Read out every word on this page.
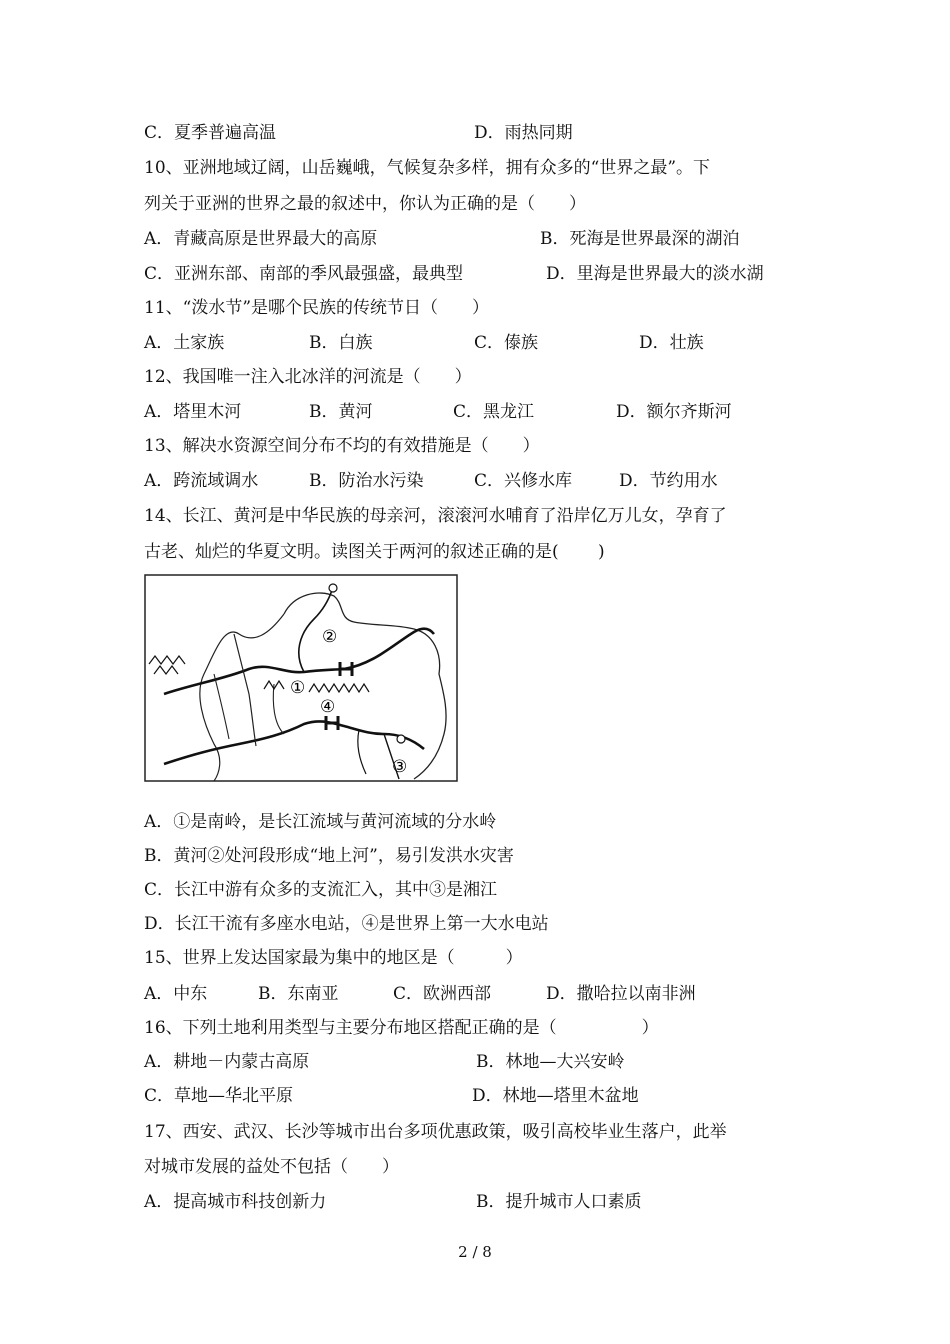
C．夏季普遍高温	D．雨热同期
10、亚洲地域辽阔，山岳巍峨，气候复杂多样，拥有众多的“世界之最”。下
列关于亚洲的世界之最的叙述中，你认为正确的是（　　）
A．青藏高原是世界最大的高原	B．死海是世界最深的湖泊
C．亚洲东部、南部的季风最强盛，最典型	D．里海是世界最大的淡水湖
11、“泼水节”是哪个民族的传统节日（　　）
A．土家族	B．白族	C．傣族	D．壮族
12、我国唯一注入北冰洋的河流是（　　）
A．塔里木河	B．黄河	C．黑龙江	D．额尔齐斯河
13、解决水资源空间分布不均的有效措施是（　　）
A．跨流域调水	B．防治水污染	C．兴修水库	D．节约用水
14、长江、黄河是中华民族的母亲河，滚滚河水哺育了沿岸亿万儿女，孕育了
古老、灿烂的华夏文明。读图关于两河的叙述正确的是(　　 )
②
①
④
③
A．①是南岭，是长江流域与黄河流域的分水岭
B．黄河②处河段形成“地上河”，易引发洪水灾害
C．长江中游有众多的支流汇入，其中③是湘江
D．长江干流有多座水电站，④是世界上第一大水电站
15、世界上发达国家最为集中的地区是（　　　）
A．中东	B．东南亚	C．欧洲西部	D．撒哈拉以南非洲
16、下列土地利用类型与主要分布地区搭配正确的是（　　　　　）
A．耕地－内蒙古高原	B．林地—大兴安岭
C．草地—华北平原	D．林地—塔里木盆地
17、西安、武汉、长沙等城市出台多项优惠政策，吸引高校毕业生落户，此举
对城市发展的益处不包括（　　）
A．提高城市科技创新力	B．提升城市人口素质
2 / 8
